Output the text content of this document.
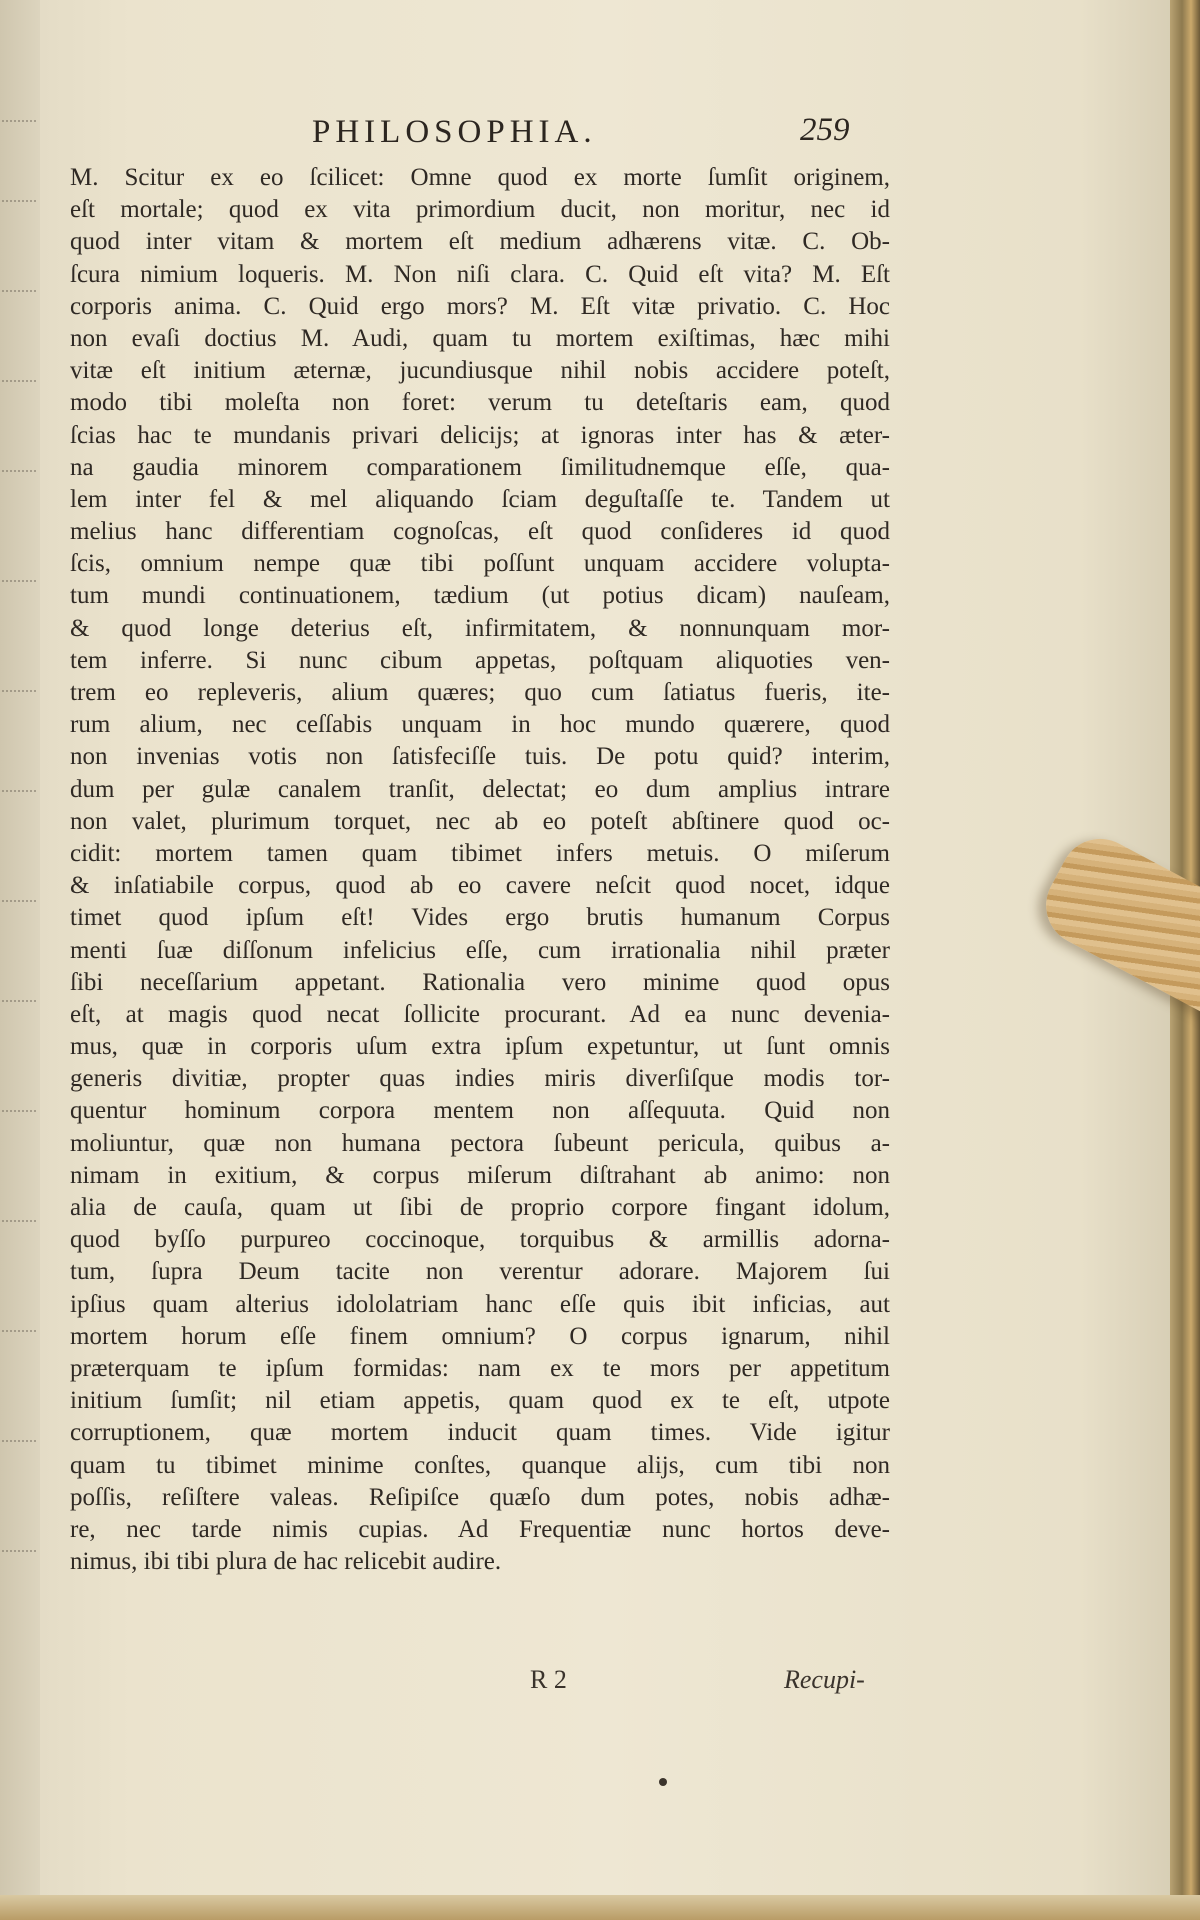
PHILOSOPHIA.	259
M. Scitur ex eo ſcilicet: Omne quod ex morte ſumſit originem,
eſt mortale; quod ex vita primordium ducit, non moritur, nec id
quod inter vitam & mortem eſt medium adhærens vitæ. C. Ob-
ſcura nimium loqueris. M. Non niſi clara. C. Quid eſt vita? M. Eſt
corporis anima. C. Quid ergo mors? M. Eſt vitæ privatio. C. Hoc
non evaſi doctius M. Audi, quam tu mortem exiſtimas, hæc mihi
vitæ eſt initium æternæ, jucundiusque nihil nobis accidere poteſt,
modo tibi moleſta non foret: verum tu deteſtaris eam, quod
ſcias hac te mundanis privari delicijs; at ignoras inter has & æter-
na gaudia minorem comparationem ſimilitudnemque eſſe, qua-
lem inter fel & mel aliquando ſciam deguſtaſſe te. Tandem ut
melius hanc differentiam cognoſcas, eſt quod conſideres id quod
ſcis, omnium nempe quæ tibi poſſunt unquam accidere volupta-
tum mundi continuationem, tædium (ut potius dicam) nauſeam,
& quod longe deterius eſt, infirmitatem, & nonnunquam mor-
tem inferre. Si nunc cibum appetas, poſtquam aliquoties ven-
trem eo repleveris, alium quæres; quo cum ſatiatus fueris, ite-
rum alium, nec ceſſabis unquam in hoc mundo quærere, quod
non invenias votis non ſatisfeciſſe tuis. De potu quid? interim,
dum per gulæ canalem tranſit, delectat; eo dum amplius intrare
non valet, plurimum torquet, nec ab eo poteſt abſtinere quod oc-
cidit: mortem tamen quam tibimet infers metuis. O miſerum
& inſatiabile corpus, quod ab eo cavere neſcit quod nocet, idque
timet quod ipſum eſt! Vides ergo brutis humanum Corpus
menti ſuæ diſſonum infelicius eſſe, cum irrationalia nihil præter
ſibi neceſſarium appetant. Rationalia vero minime quod opus
eſt, at magis quod necat ſollicite procurant. Ad ea nunc devenia-
mus, quæ in corporis uſum extra ipſum expetuntur, ut ſunt omnis
generis divitiæ, propter quas indies miris diverſiſque modis tor-
quentur hominum corpora mentem non aſſequuta. Quid non
moliuntur, quæ non humana pectora ſubeunt pericula, quibus a-
nimam in exitium, & corpus miſerum diſtrahant ab animo: non
alia de cauſa, quam ut ſibi de proprio corpore fingant idolum,
quod byſſo purpureo coccinoque, torquibus & armillis adorna-
tum, ſupra Deum tacite non verentur adorare. Majorem ſui
ipſius quam alterius idololatriam hanc eſſe quis ibit inficias, aut
mortem horum eſſe finem omnium? O corpus ignarum, nihil
præterquam te ipſum formidas: nam ex te mors per appetitum
initium ſumſit; nil etiam appetis, quam quod ex te eſt, utpote
corruptionem, quæ mortem inducit quam times. Vide igitur
quam tu tibimet minime conſtes, quanque alijs, cum tibi non
poſſis, reſiſtere valeas. Reſipiſce quæſo dum potes, nobis adhæ-
re, nec tarde nimis cupias. Ad Frequentiæ nunc hortos deve-
nimus, ibi tibi plura de hac relicebit audire.
R 2	Recupi-
